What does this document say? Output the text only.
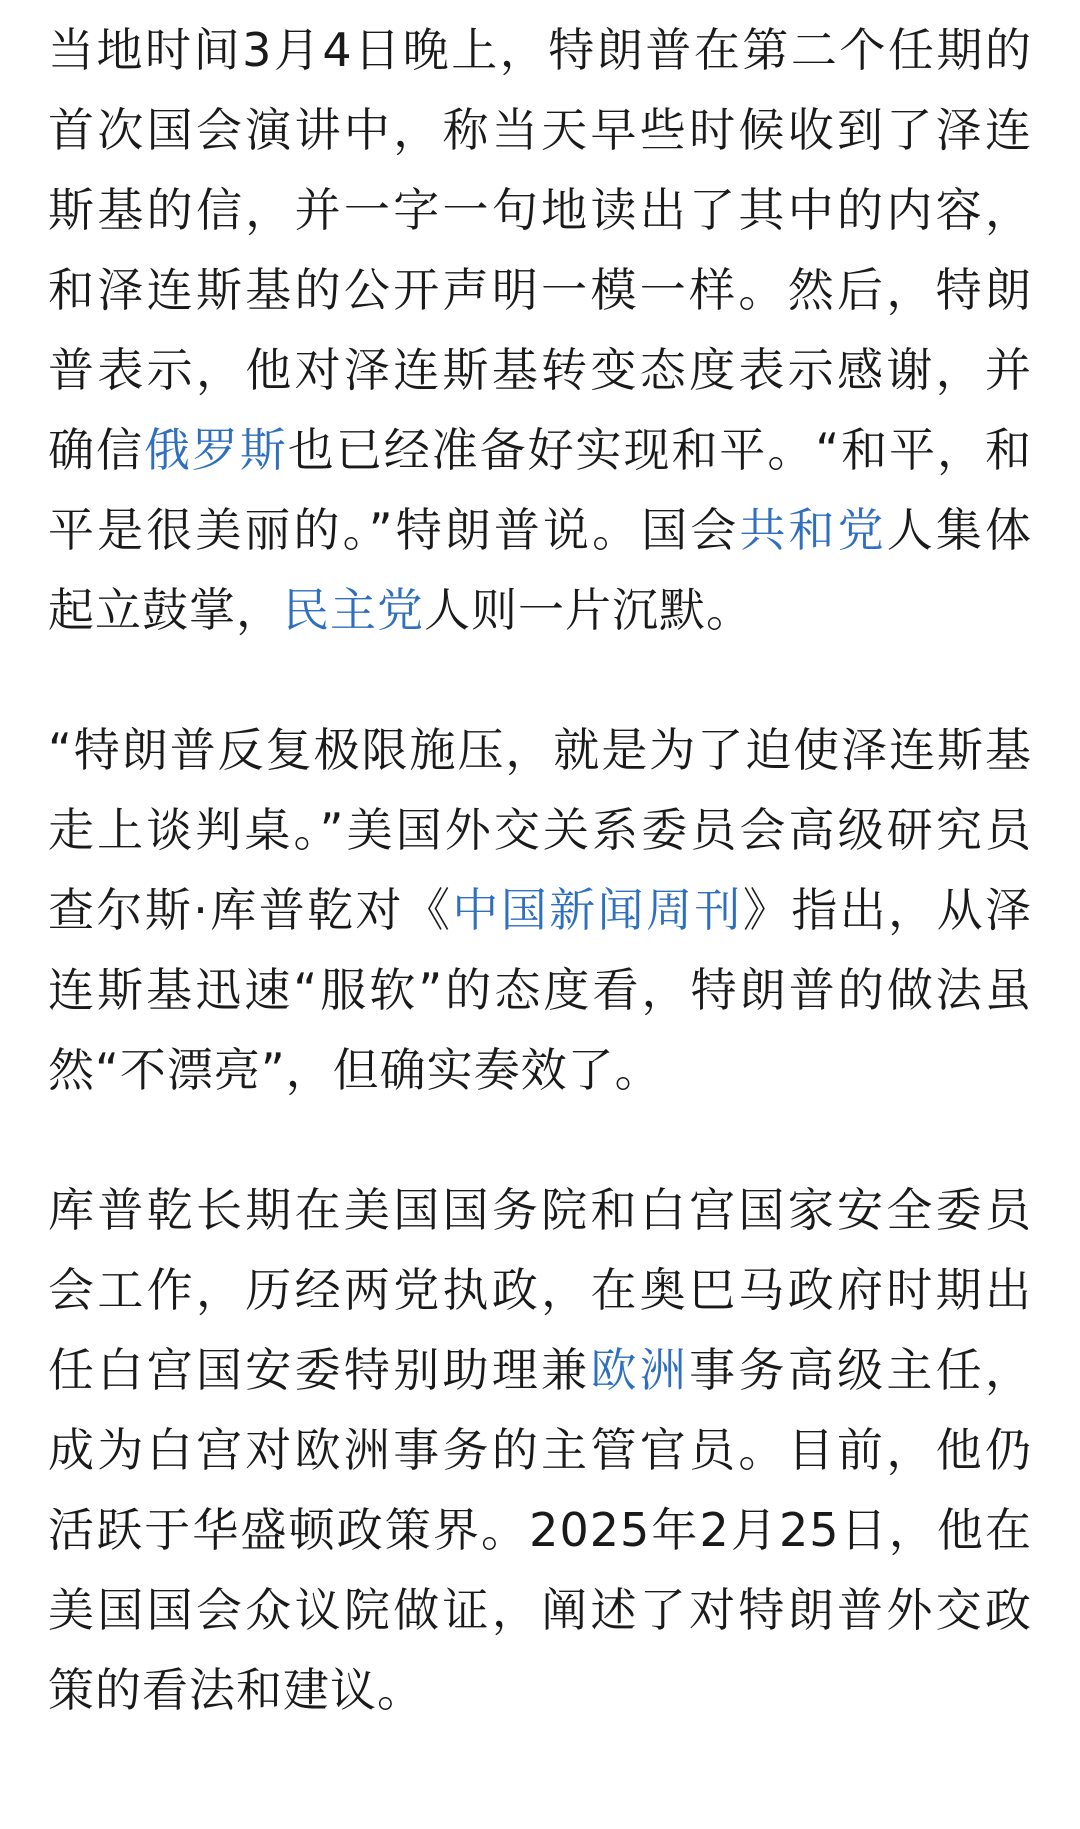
当地时间3月4日晚上，特朗普在第二个任期的首次国会演讲中，称当天早些时候收到了泽连斯基的信，并一字一句地读出了其中的内容，和泽连斯基的公开声明一模一样。然后，特朗普表示，他对泽连斯基转变态度表示感谢，并确信俄罗斯也已经准备好实现和平。“和平，和平是很美丽的。”特朗普说。国会共和党人集体起立鼓掌，民主党人则一片沉默。

“特朗普反复极限施压，就是为了迫使泽连斯基走上谈判桌。”美国外交关系委员会高级研究员查尔斯·库普乾对《中国新闻周刊》指出，从泽连斯基迅速“服软”的态度看，特朗普的做法虽然“不漂亮”，但确实奏效了。

库普乾长期在美国国务院和白宫国家安全委员会工作，历经两党执政，在奥巴马政府时期出任白宫国安委特别助理兼欧洲事务高级主任，成为白宫对欧洲事务的主管官员。目前，他仍活跃于华盛顿政策界。2025年2月25日，他在美国国会众议院做证，阐述了对特朗普外交政策的看法和建议。
